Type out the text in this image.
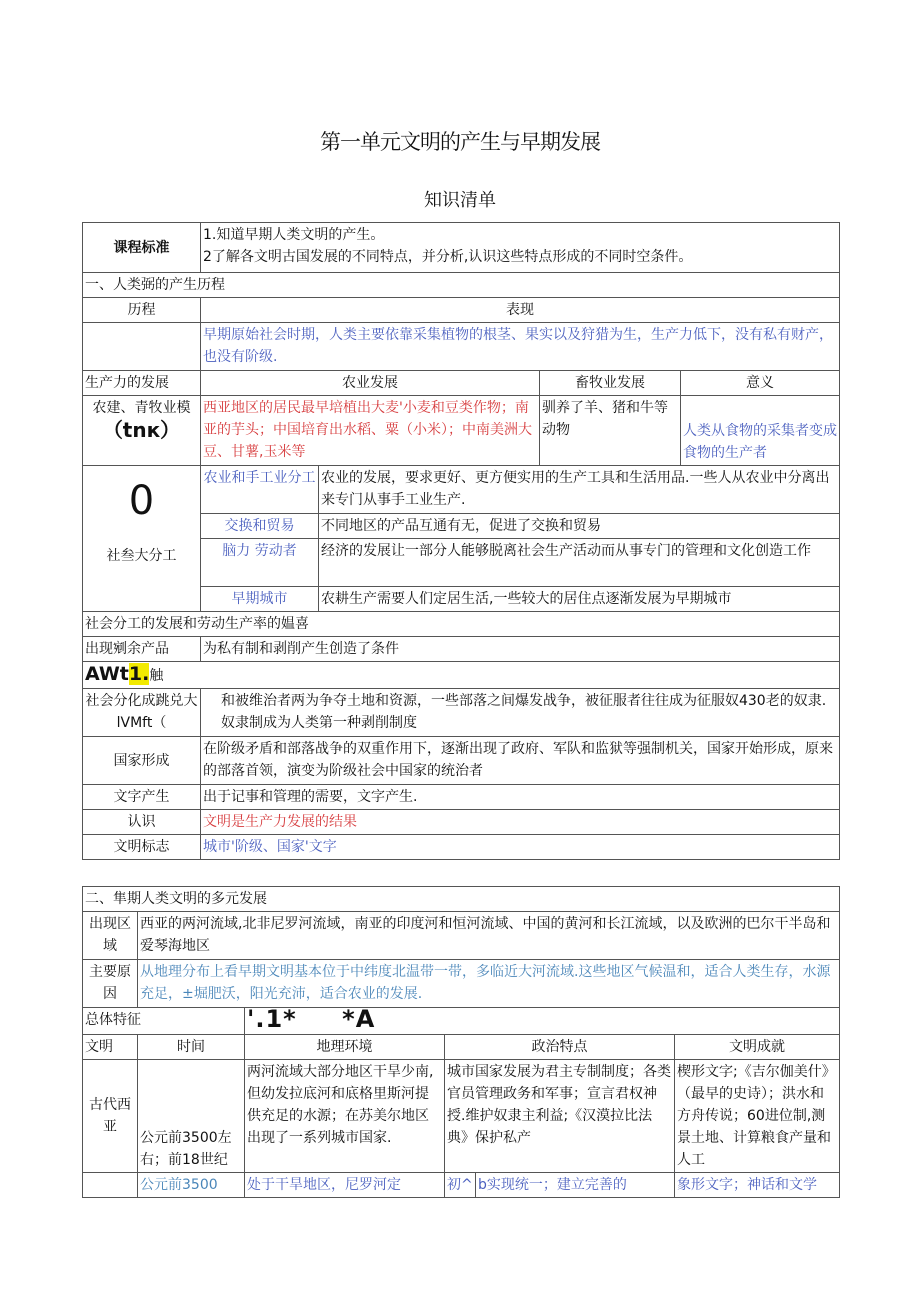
第一单元文明的产生与早期发展
知识清单
课程标准	1.知道早期人类文明的产生。
2了解各文明古国发展的不同特点，并分析,认识这些特点形成的不同时空条件。			

一、人类弼的产生历程				
历程	表现			
	早期原始社会时期，人类主要依靠采集植物的根茎、果实以及狩猎为生，生产力低下，没有私有财产，也没有阶级.			
生产力的发展	农业发展		畜牧业发展	意义

农建、青牧业模
（tnк）	西亚地区的居民最早培植出大麦'小麦和豆类作物；南亚的芋头；中国培育出水稻、粟（小米）；中南美洲大豆、甘薯,玉米等		驯养了羊、猪和牛等动物	人类从食物的采集者变成食物的生产者

0
社叁大分工	农业和手工业分工	农业的发展，要求更好、更方便实用的生产工具和生活用品.一些人从农业中分离出来专门从事手工业生产.		
	交换和贸易	不同地区的产品互通有无，促进了交换和贸易		
	脑力 劳动者	经济的发展让一部分人能够脱离社会生产活动而从事专门的管理和文化创造工作		
	早期城市	农耕生产需要人们定居生活,一些较大的居住点逐渐发展为早期城市		
社会分工的发展和劳动生产率的媪喜				
出现剜余产品	为私有制和剥削产生创造了条件			
AWt1.触				
社会分化成跳兑大lVMft（	和被维治者两为争夺土地和资源，一些部落之间爆发战争，被征服者往往成为征服奴430老的奴隶.奴隶制成为人类第一种剥削制度			
国家形成	在阶级矛盾和部落战争的双重作用下，逐渐出现了政府、军队和监狱等强制机关，国家开始形成，原来的部落首领，演变为阶级社会中国家的统治者			
文字产生	出于记事和管理的需要，文字产生.			
认识	文明是生产力发展的结果			
文明标志	城市'阶级、国家'文字			
二、隼期人类文明的多元发展					
出现区域	西亚的两河流域,北非尼罗河流域，南亚的印度河和恒河流域、中国的黄河和长江流域，以及欧洲的巴尔干半岛和爱琴海地区				
主要原因	从地理分布上看早期文明基本位于中纬度北温带一带，多临近大河流域.这些地区气候温和，适合人类生存，水源充足，±堀肥沃，阳光充沛，适合农业的发展.				

总体特征		'.1* *A			
文明	时间	地理环境	政治特点		文明成就
古代西亚	公元前3500左右；前18世纪	两河流域大部分地区干旱少南,但幼发拉底河和底格里斯河提供充足的水源；在苏美尔地区出现了一系列城市国家.	城市国家发展为君主专制制度；各类官员管理政务和军事；宣言君权神授.维护奴隶主利益;《汉漠拉比法典》保护私产		楔形文字;《吉尔伽美什》（最早的史诗）；洪水和方舟传说；60进位制,测景土地、计算粮食产量和人工
	公元前3500	处于干旱地区，尼罗河定	初^	b实现统一；建立完善的	象形文字；神话和文学
